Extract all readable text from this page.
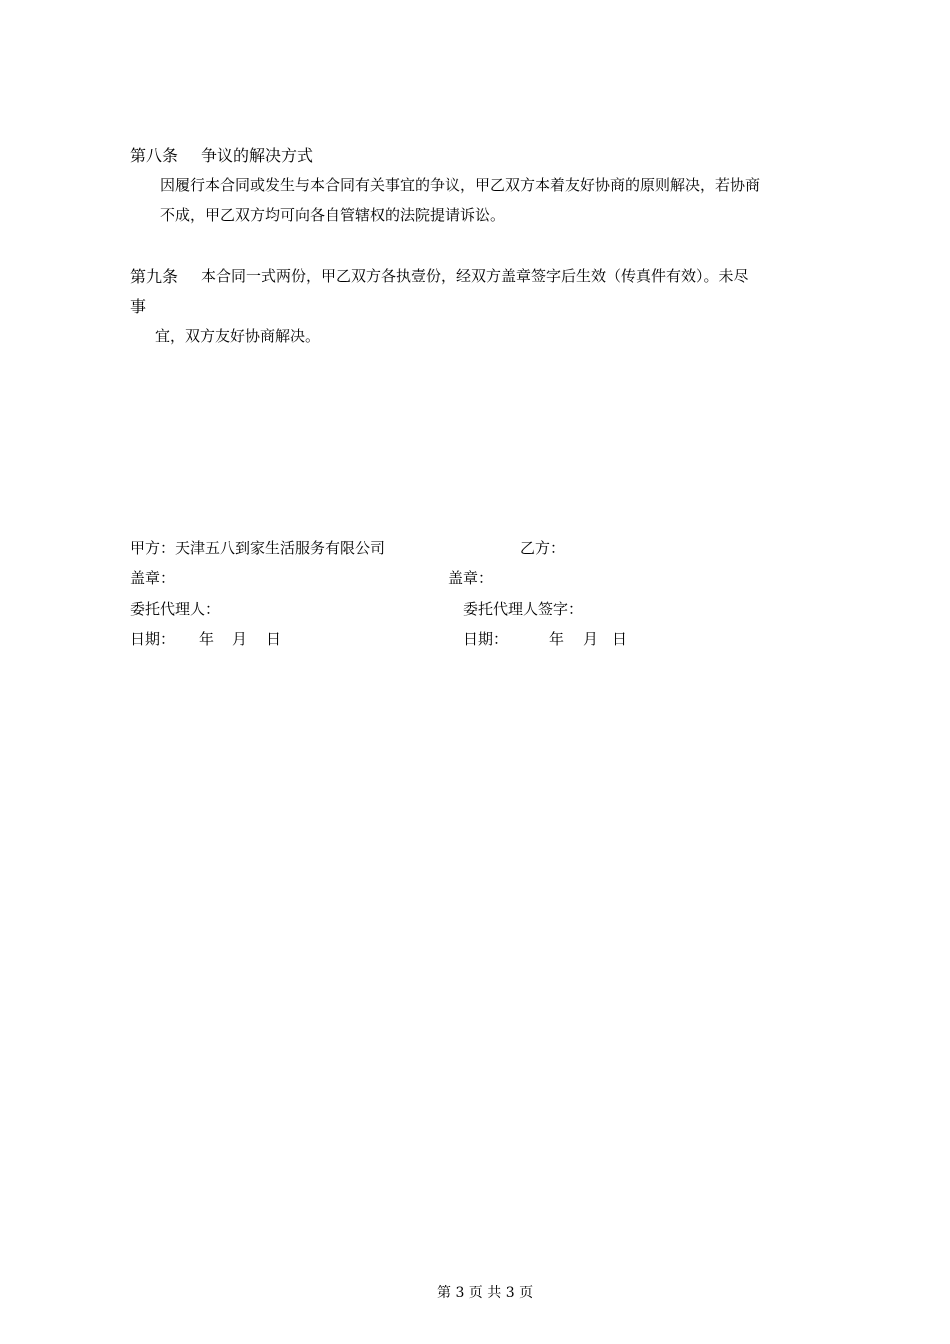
第八条 争议的解决方式
因履行本合同或发生与本合同有关事宜的争议，甲乙双方本着友好协商的原则解决，若协商
不成，甲乙双方均可向各自管辖权的法院提请诉讼。
第九条 本合同一式两份，甲乙双方各执壹份，经双方盖章签字后生效（传真件有效）。未尽
事
宜，双方友好协商解决。
甲方：天津五八到家生活服务有限公司	乙方：
盖章：	盖章：
委托代理人：	委托代理人签字：
日期： 年 月 日	日期：	年 月 日
第 3 页 共 3 页
